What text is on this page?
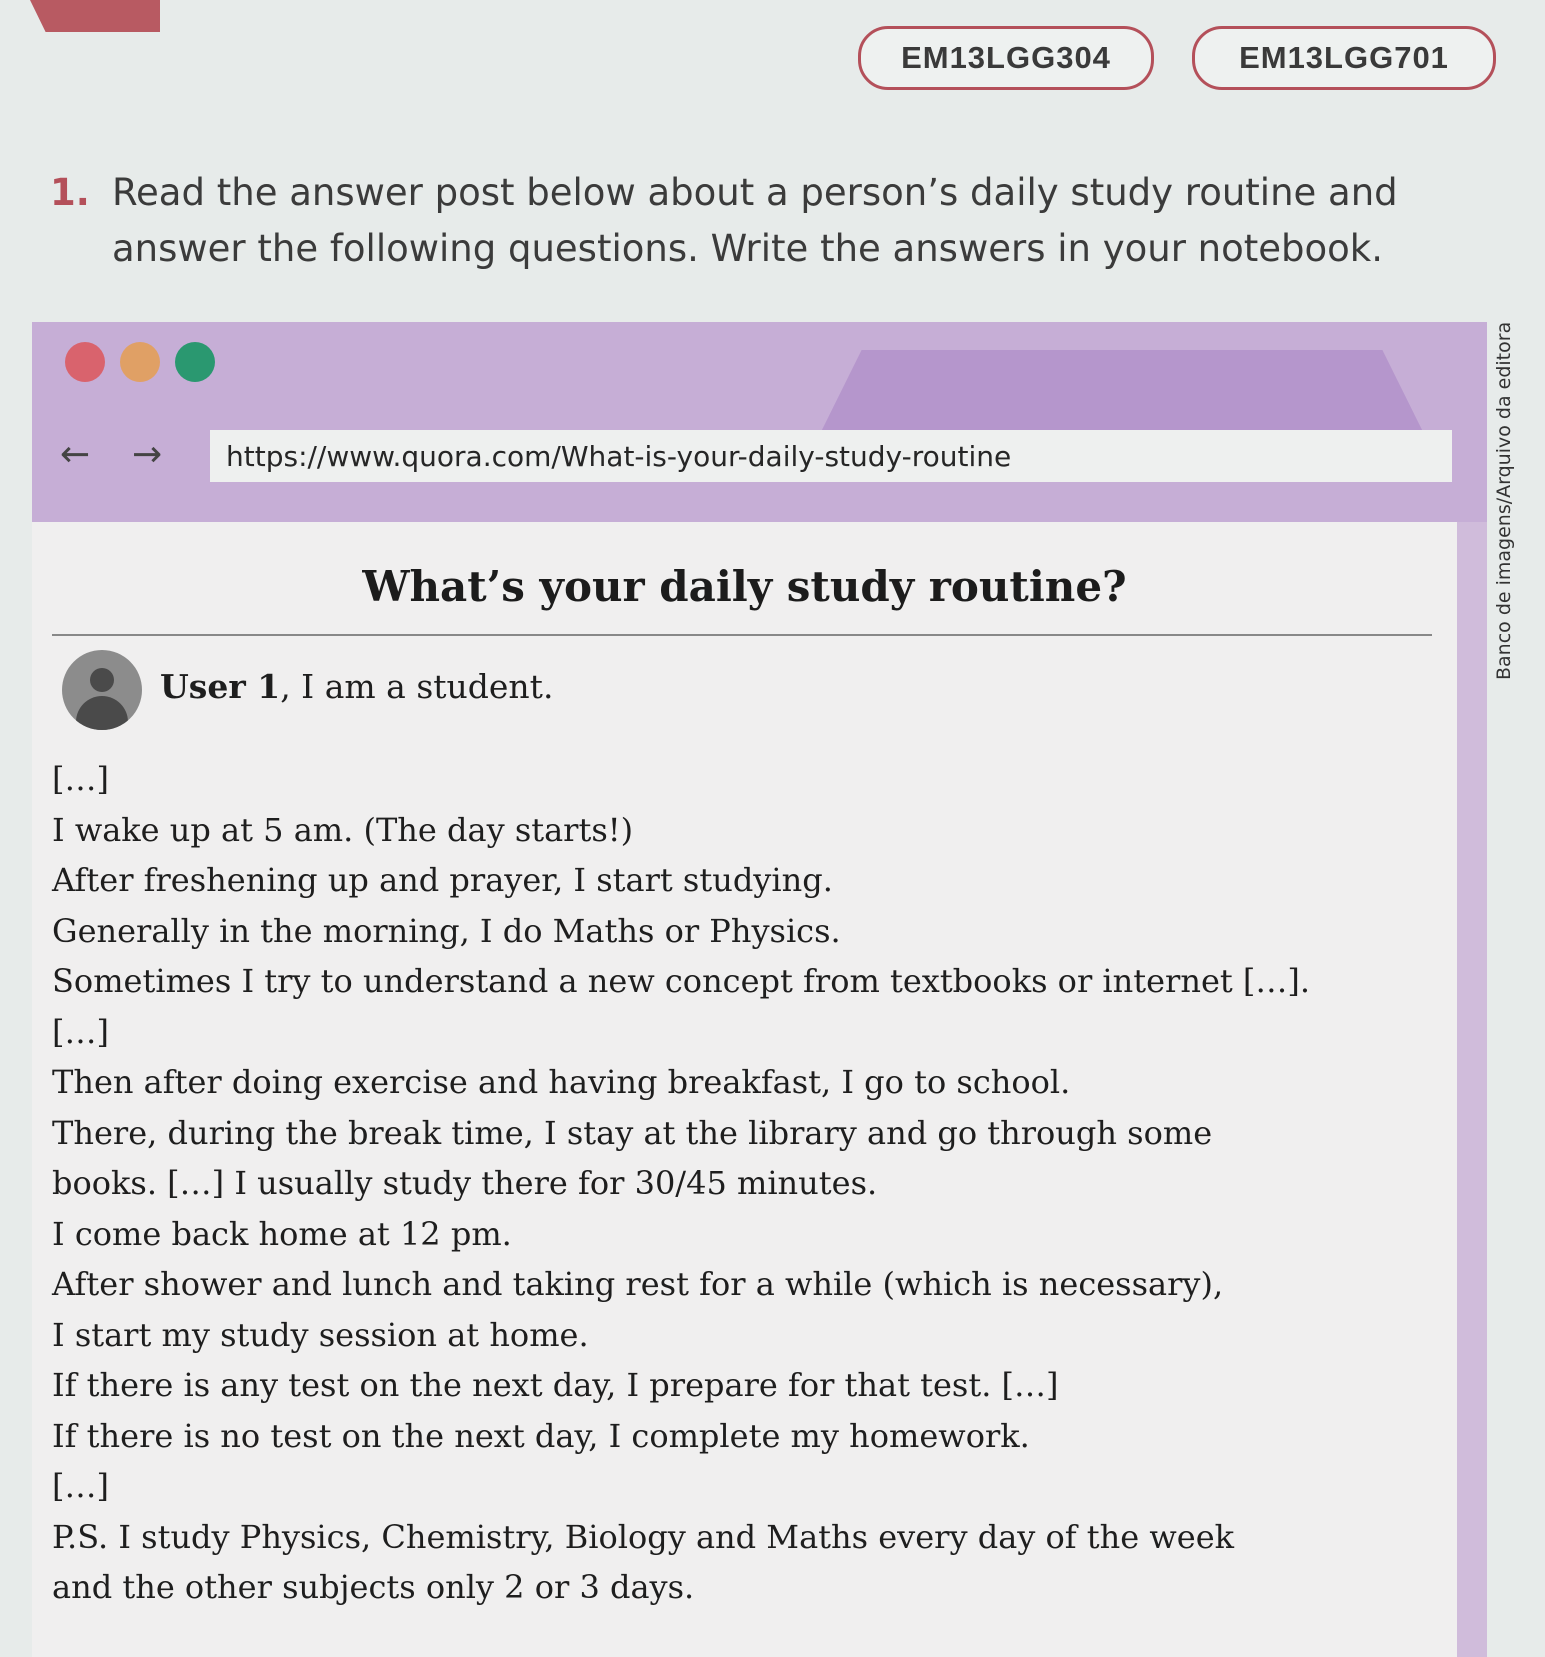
EM13LGG304	EM13LGG701
1. Read the answer post below about a person’s daily study routine and
answer the following questions. Write the answers in your notebook.
← → https://www.quora.com/What-is-your-daily-study-routine
What’s your daily study routine?
User 1, I am a student.

[…]

I wake up at 5 am. (The day starts!)

After freshening up and prayer, I start studying.

Generally in the morning, I do Maths or Physics.

Sometimes I try to understand a new concept from textbooks or internet […].

[…]

Then after doing exercise and having breakfast, I go to school.

There, during the break time, I stay at the library and go through some

books. […] I usually study there for 30/45 minutes.

I come back home at 12 pm.

After shower and lunch and taking rest for a while (which is necessary),

I start my study session at home.

If there is any test on the next day, I prepare for that test. […]

If there is no test on the next day, I complete my homework.

[…]

P.S. I study Physics, Chemistry, Biology and Maths every day of the week

and the other subjects only 2 or 3 days.

Banco de imagens/Arquivo da editora
